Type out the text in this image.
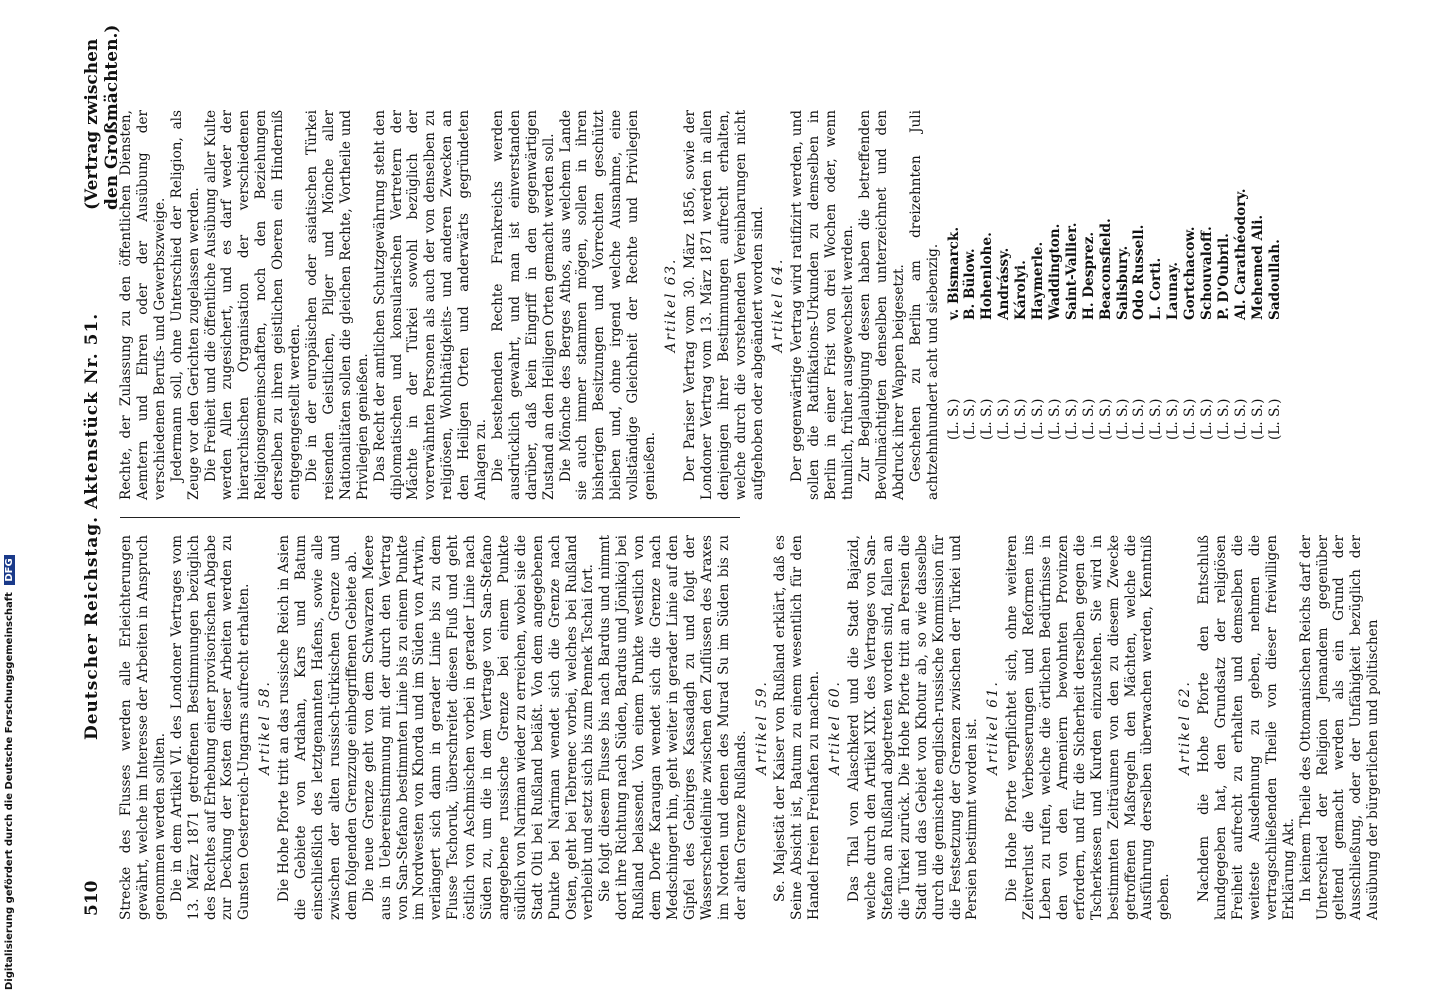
510
Deutscher Reichstag. Aktenstück Nr. 51.
(Vertrag zwischen den Großmächten.)

Strecke des Flusses werden alle Erleichterungen gewährt, welche im Interesse der Arbeiten in Anspruch genommen werden sollten. Die in dem Artikel VI. des Londoner Vertrages vom 13. März 1871 getroffenen Bestimmungen bezüglich des Rechtes auf Erhebung einer provisorischen Abgabe zur Deckung der Kosten dieser Arbeiten werden zu Gunsten Oesterreich-Ungarns aufrecht erhalten. Artikel 58. Die Hohe Pforte tritt an das russische Reich in Asien die Gebiete von Ardahan, Kars und Batum einschließlich des letztgenannten Hafens, sowie alle zwischen der alten russisch-türkischen Grenze und dem folgenden Grenzzuge einbegriffenen Gebiete ab. Die neue Grenze geht von dem Schwarzen Meere aus in Uebereinstimmung mit der durch den Vertrag von San-Stefano bestimmten Linie bis zu einem Punkte im Nordwesten von Khorda und im Süden von Artwin, verlängert sich dann in gerader Linie bis zu dem Flusse Tschoruk, überschreitet diesen Fluß und geht östlich von Aschmischen vorbei in gerader Linie nach Süden zu, um die in dem Vertrage von San-Stefano angegebene russische Grenze bei einem Punkte südlich von Nariman wieder zu erreichen, wobei sie die Stadt Olti bei Rußland beläßt. Von dem angegebenen Punkte bei Nariman wendet sich die Grenze nach Osten, geht bei Tebrenec vorbei, welches bei Rußland verbleibt und setzt sich bis zum Pennek Tschai fort. Sie folgt diesem Flusse bis nach Bardus und nimmt dort ihre Richtung nach Süden, Bardus und Jönikioj bei Rußland belassend. Von einem Punkte westlich von dem Dorfe Karaugan wendet sich die Grenze nach Medschingert hin, geht weiter in gerader Linie auf den Gipfel des Gebirges Kassadagh zu und folgt der Wasserscheidelinie zwischen den Zuflüssen des Araxes im Norden und denen des Murad Su im Süden bis zu der alten Grenze Rußlands.

Artikel 59. Se. Majestät der Kaiser von Rußland erklärt, daß es Seine Absicht ist, Batum zu einem wesentlich für den Handel freien Freihafen zu machen. Artikel 60. Das Thal von Alaschkerd und die Stadt Bajazid, welche durch den Artikel XIX. des Vertrages von San-Stefano an Rußland abgetreten worden sind, fallen an die Türkei zurück. Die Hohe Pforte tritt an Persien die Stadt und das Gebiet von Khotur ab, so wie dasselbe durch die gemischte englisch-russische Kommission für die Festsetzung der Grenzen zwischen der Türkei und Persien bestimmt worden ist. Artikel 61. Die Hohe Pforte verpflichtet sich, ohne weiteren Zeitverlust die Verbesserungen und Reformen ins Leben zu rufen, welche die örtlichen Bedürfnisse in den von den Armeniern bewohnten Provinzen erfordern, und für die Sicherheit derselben gegen die Tscherkessen und Kurden einzustehen. Sie wird in bestimmten Zeiträumen von den zu diesem Zwecke getroffenen Maßregeln den Mächten, welche die Ausführung derselben überwachen werden, Kenntniß geben.

Artikel 62. Nachdem die Hohe Pforte den Entschluß kundgegeben hat, den Grundsatz der religiösen Freiheit aufrecht zu erhalten und demselben die weiteste Ausdehnung zu geben, nehmen die vertragschließenden Theile von dieser freiwilligen Erklärung Akt. In keinem Theile des Ottomanischen Reichs darf der Unterschied der Religion Jemandem gegenüber geltend gemacht werden als ein Grund der Ausschließung, oder der Unfähigkeit bezüglich der Ausübung der bürgerlichen und politischen

Rechte, der Zulassung zu den öffentlichen Diensten, Aemtern und Ehren oder der Ausübung der verschiedenen Berufs- und Gewerbszweige. Jedermann soll, ohne Unterschied der Religion, als Zeuge vor den Gerichten zugelassen werden. Die Freiheit und die öffentliche Ausübung aller Kulte werden Allen zugesichert, und es darf weder der hierarchischen Organisation der verschiedenen Religionsgemeinschaften, noch den Beziehungen derselben zu ihren geistlichen Oberen ein Hinderniß entgegengestellt werden. Die in der europäischen oder asiatischen Türkei reisenden Geistlichen, Pilger und Mönche aller Nationalitäten sollen die gleichen Rechte, Vortheile und Privilegien genießen. Das Recht der amtlichen Schutzgewährung steht den diplomatischen und konsularischen Vertretern der Mächte in der Türkei sowohl bezüglich der vorerwähnten Personen als auch der von denselben zu religiösen, Wohlthätigkeits- und anderen Zwecken an den Heiligen Orten und anderwärts gegründeten Anlagen zu. Die bestehenden Rechte Frankreichs werden ausdrücklich gewahrt, und man ist einverstanden darüber, daß kein Eingriff in den gegenwärtigen Zustand an den Heiligen Orten gemacht werden soll. Die Mönche des Berges Athos, aus welchem Lande sie auch immer stammen mögen, sollen in ihren bisherigen Besitzungen und Vorrechten geschützt bleiben und, ohne irgend welche Ausnahme, eine vollständige Gleichheit der Rechte und Privilegien genießen.

Artikel 63. Der Pariser Vertrag vom 30. März 1856, sowie der Londoner Vertrag vom 13. März 1871 werden in allen denjenigen ihrer Bestimmungen aufrecht erhalten, welche durch die vorstehenden Vereinbarungen nicht aufgehoben oder abgeändert worden sind. Artikel 64. Der gegenwärtige Vertrag wird ratifizirt werden, und sollen die Ratifikations-Urkunden zu demselben in Berlin in einer Frist von drei Wochen oder, wenn thunlich, früher ausgewechselt werden. Zur Beglaubigung dessen haben die betreffenden Bevollmächtigten denselben unterzeichnet und den Abdruck ihrer Wappen beigesetzt. Geschehen zu Berlin am dreizehnten Juli achtzehnhundert acht und siebenzig. (L. S.)
v. Bismarck.
(L. S.)
B. Bülow.
(L. S.)
Hohenlohe.
(L. S.)
Andrássy.
(L. S.)
Károlyi.
(L. S.)
Haymerle.
(L. S.)
Waddington.
(L. S.)
Saint-Vallier.
(L. S.)
H. Desprez.
(L. S.)
Beaconsfield.
(L. S.)
Salisbury.
(L. S.)
Odo Russell.
(L. S.)
L. Corti.
(L. S.)
Launay.
(L. S.)
Gortchacow.
(L. S.)
Schouvaloff.
(L. S.)
P. D'Oubril.
(L. S.)
Al. Carathéodory.
(L. S.)
Mehemed Ali.
(L. S.)
Sadoullah.
Digitalisierung gefördert durch die Deutsche Forschungsgemeinschaft DFG
